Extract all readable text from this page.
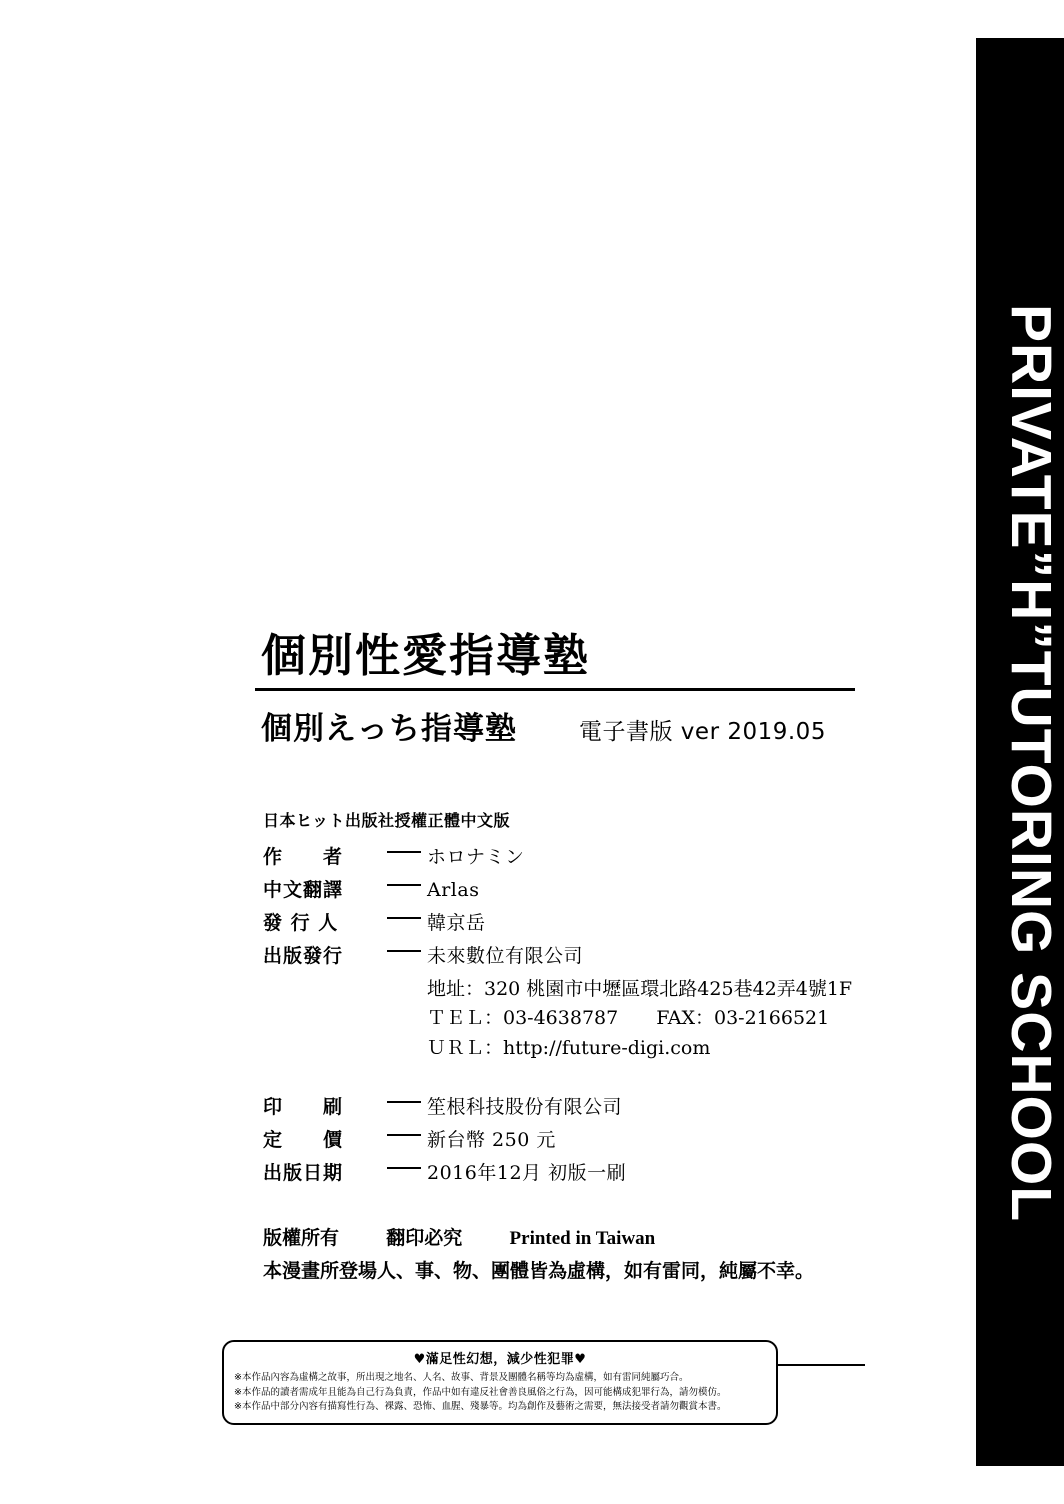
PRIVATE”H”TUTORING SCHOOL
個別性愛指導塾
個別えっち指導塾	電子書版 ver 2019.05
日本ヒット出版社授權正體中文版
作　　者		ホロナミン
中文翻譯		Arlas
發 行 人		韓京岳
出版發行		未來數位有限公司
地址：320 桃園市中壢區環北路425巷42弄4號1F
ＴＥＬ：03-4638787　　FAX：03-2166521
ＵＲＬ：http://future-digi.com
印　　刷		笙根科技股份有限公司
定　　價		新台幣 250 元
出版日期		2016年12月 初版一刷
版權所有 翻印必究 Printed in Taiwan
本漫畫所登場人、事、物、團體皆為虛構，如有雷同，純屬不幸。
♥滿足性幻想，減少性犯罪♥
※本作品內容為虛構之故事，所出現之地名、人名、故事、背景及團體名稱等均為虛構，如有雷同純屬巧合。
※本作品的讀者需成年且能為自己行為負責，作品中如有違反社會善良風俗之行為，因可能構成犯罪行為，請勿模仿。
※本作品中部分內容有描寫性行為、裸露、恐怖、血腥、殘暴等。均為創作及藝術之需要，無法接受者請勿觀賞本書。
